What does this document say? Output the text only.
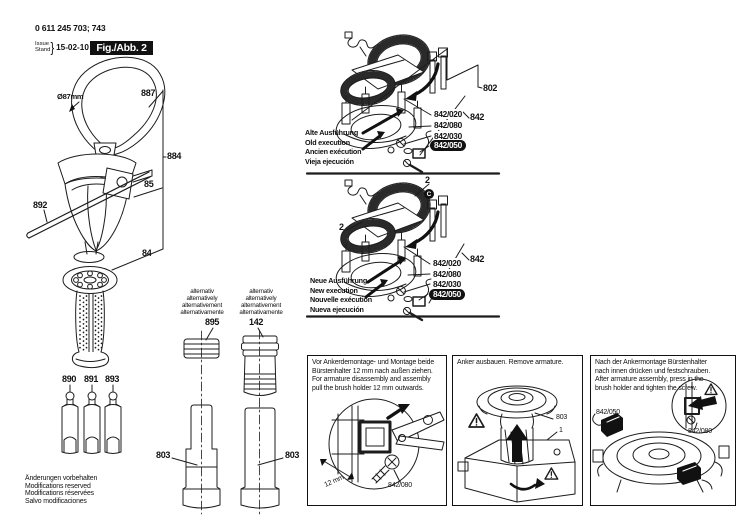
0 611 245 703; 743
Issue
Stand } 15-02-10 Fig./Abb. 2
Ø87mm	887
884
85
892
84
890 891 893
alternativ
alternatively
alternativement
alternativamente
alternativ
alternatively
alternativement
alternativamente
895	142
803	803
Alte Ausführung
Old execution
Ancien exécution
Vieja ejecución
842/020
842/080
842/030
842/050
842
802
Neue Ausführung
New execution
Nouvelle exécution
Nueva ejecución
2
C
2
842/020
842/080
842/030
842/050
842
Vor Ankerdemontage- und Montage beide
Bürstenhalter 12 mm nach außen ziehen.
For armature disassembly and assembly
pull the brush holder 12 mm outwards.
12 mm	842/080
Anker ausbauen. Remove armature.
803
1
Nach der Ankermontage Bürstenhalter
nach innen drücken und festschrauben.
After armature assembly, press in the
brush holder and tighten the screw.
842/050
842/080
Änderungen vorbehalten
Modifications reserved
Modifications réservées
Salvo modificaciones
